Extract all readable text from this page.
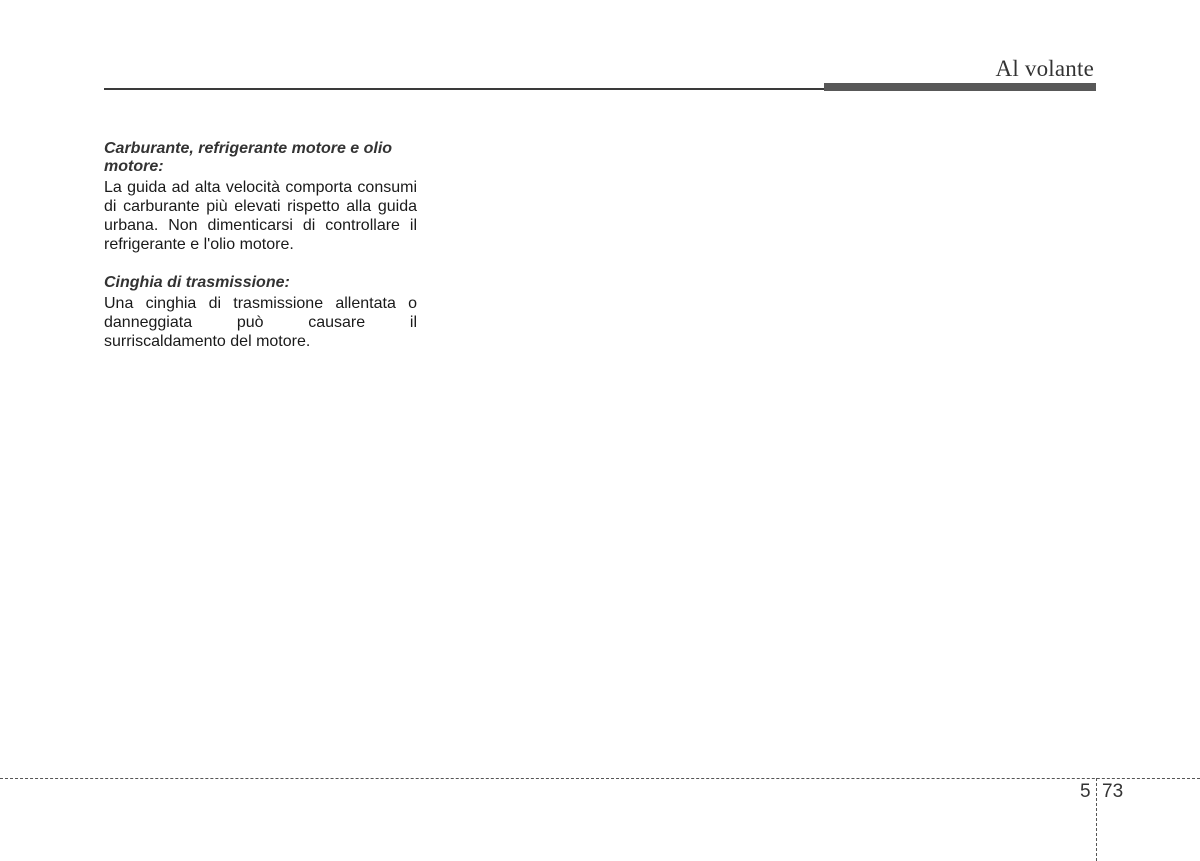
Al volante

Carburante, refrigerante motore e olio motore:

La guida ad alta velocità comporta consumi di carburante più elevati rispetto alla guida urbana. Non dimenticarsi di controllare il refrigerante e l'olio motore.

Cinghia di trasmissione:

Una cinghia di trasmissione allentata o danneggiata può causare il surriscaldamento del motore.

5 73
